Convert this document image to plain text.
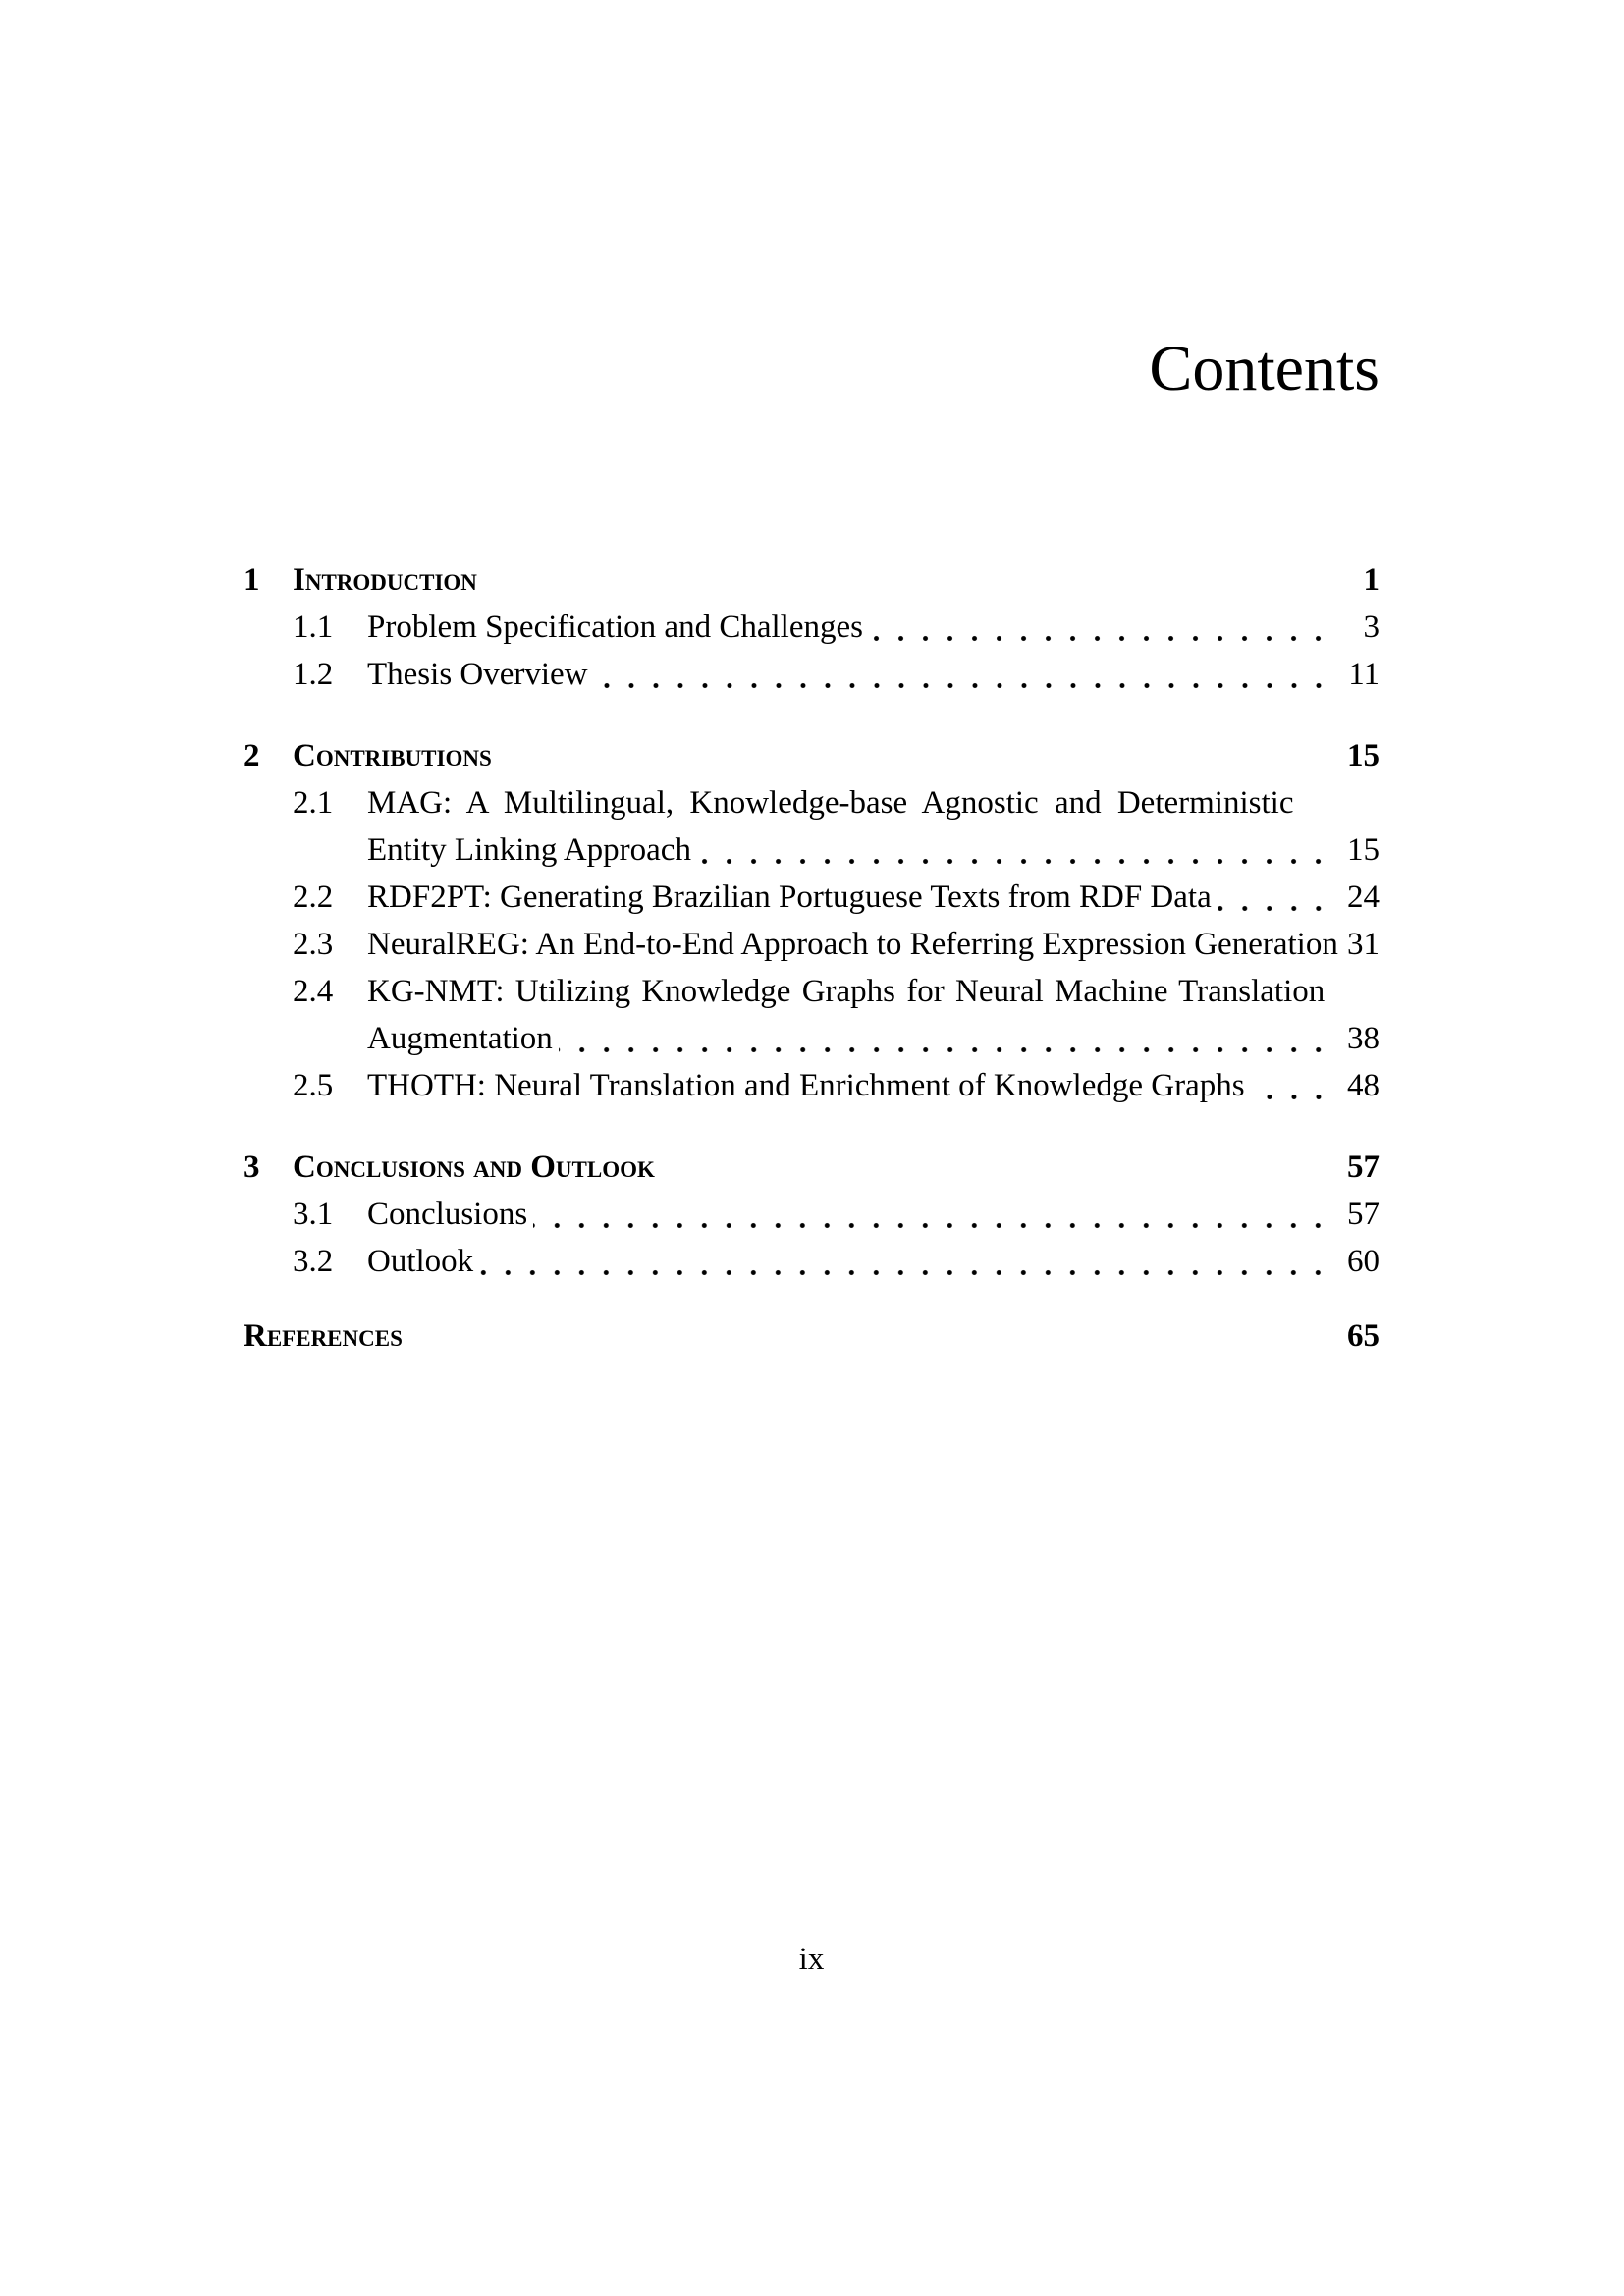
Contents
1	Introduction	1
1.1	Problem Specification and Challenges	3
1.2	Thesis Overview	11
2	Contributions	15
2.1	MAG: A Multilingual, Knowledge-base Agnostic and Deterministic
Entity Linking Approach	15
2.2	RDF2PT: Generating Brazilian Portuguese Texts from RDF Data	24
2.3	NeuralREG: An End-to-End Approach to Referring Expression Generation 31
2.4	KG-NMT: Utilizing Knowledge Graphs for Neural Machine Translation
Augmentation	38
2.5	THOTH: Neural Translation and Enrichment of Knowledge Graphs	48
3	Conclusions and Outlook	57
3.1	Conclusions	57
3.2	Outlook	60
References	65
ix
